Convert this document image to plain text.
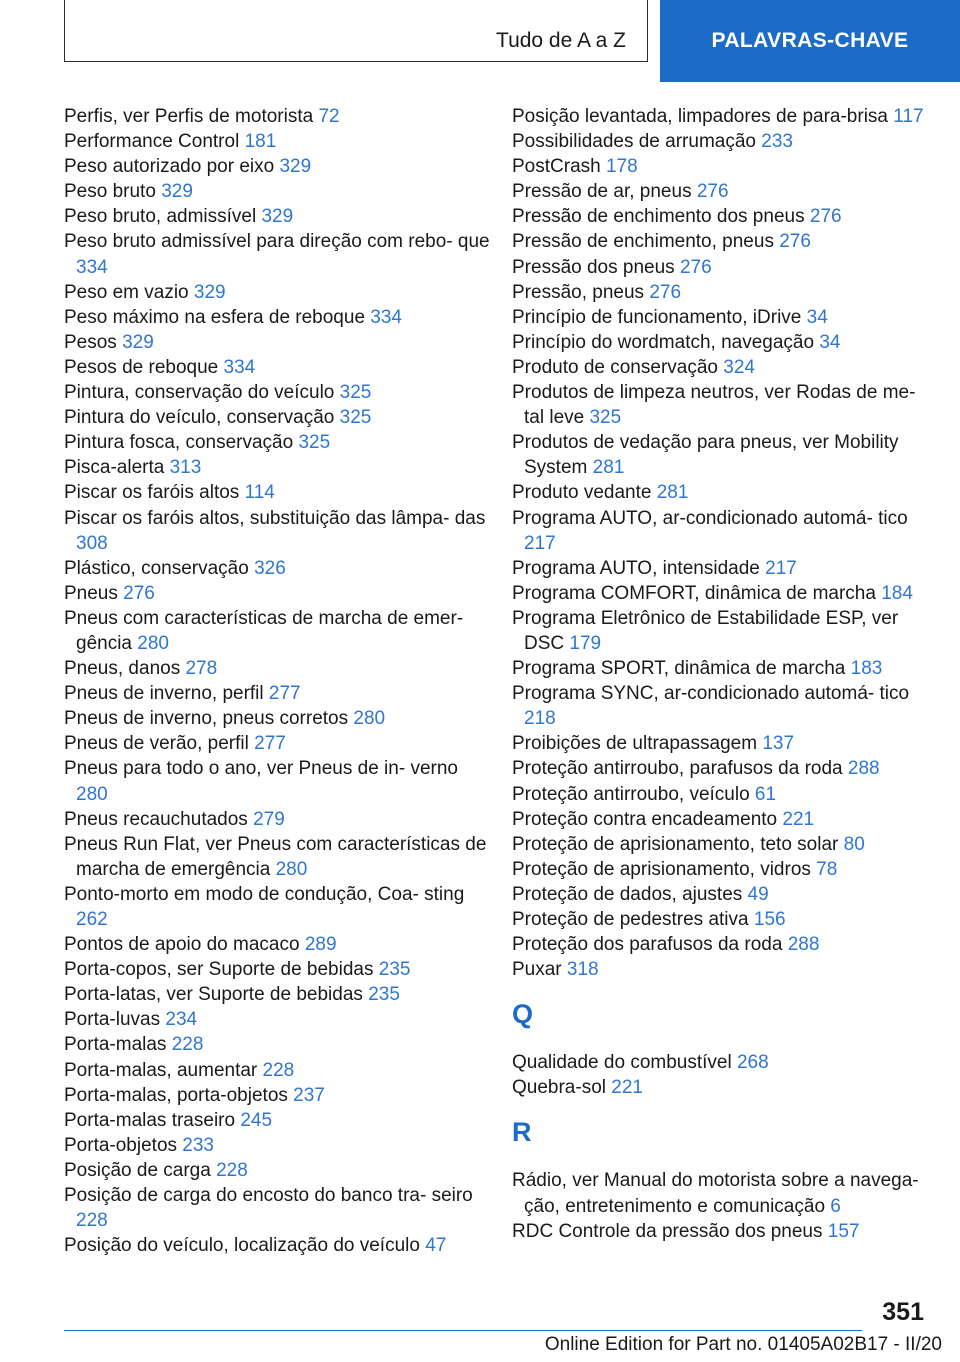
Tudo de A a Z	PALAVRAS-CHAVE

Perfis, ver Perfis de motorista 72

Performance Control 181

Peso autorizado por eixo 329

Peso bruto 329

Peso bruto, admissível 329

Peso bruto admissível para direção com rebo‐ que 334

Peso em vazio 329

Peso máximo na esfera de reboque 334

Pesos 329

Pesos de reboque 334

Pintura, conservação do veículo 325

Pintura do veículo, conservação 325

Pintura fosca, conservação 325

Pisca-alerta 313

Piscar os faróis altos 114

Piscar os faróis altos, substituição das lâmpa‐ das 308

Plástico, conservação 326

Pneus 276

Pneus com características de marcha de emer‐ gência 280

Pneus, danos 278

Pneus de inverno, perfil 277

Pneus de inverno, pneus corretos 280

Pneus de verão, perfil 277

Pneus para todo o ano, ver Pneus de in‐ verno 280

Pneus recauchutados 279

Pneus Run Flat, ver Pneus com características de marcha de emergência 280

Ponto-morto em modo de condução, Coa‐ sting 262

Pontos de apoio do macaco 289

Porta-copos, ser Suporte de bebidas 235

Porta-latas, ver Suporte de bebidas 235

Porta-luvas 234

Porta-malas 228

Porta-malas, aumentar 228

Porta-malas, porta-objetos 237

Porta-malas traseiro 245

Porta-objetos 233

Posição de carga 228

Posição de carga do encosto do banco tra‐ seiro 228

Posição do veículo, localização do veículo 47

Posição levantada, limpadores de para-brisa 117

Possibilidades de arrumação 233

PostCrash 178

Pressão de ar, pneus 276

Pressão de enchimento dos pneus 276

Pressão de enchimento, pneus 276

Pressão dos pneus 276

Pressão, pneus 276

Princípio de funcionamento, iDrive 34

Princípio do wordmatch, navegação 34

Produto de conservação 324

Produtos de limpeza neutros, ver Rodas de me‐ tal leve 325

Produtos de vedação para pneus, ver Mobility System 281

Produto vedante 281

Programa AUTO, ar-condicionado automá‐ tico 217

Programa AUTO, intensidade 217

Programa COMFORT, dinâmica de marcha 184

Programa Eletrônico de Estabilidade ESP, ver DSC 179

Programa SPORT, dinâmica de marcha 183

Programa SYNC, ar-condicionado automá‐ tico 218

Proibições de ultrapassagem 137

Proteção antirroubo, parafusos da roda 288

Proteção antirroubo, veículo 61

Proteção contra encadeamento 221

Proteção de aprisionamento, teto solar 80

Proteção de aprisionamento, vidros 78

Proteção de dados, ajustes 49

Proteção de pedestres ativa 156

Proteção dos parafusos da roda 288

Puxar 318

Q

Qualidade do combustível 268

Quebra-sol 221

R

Rádio, ver Manual do motorista sobre a navega‐ ção, entretenimento e comunicação 6

RDC Controle da pressão dos pneus 157

351
Online Edition for Part no. 01405A02B17 - II/20
